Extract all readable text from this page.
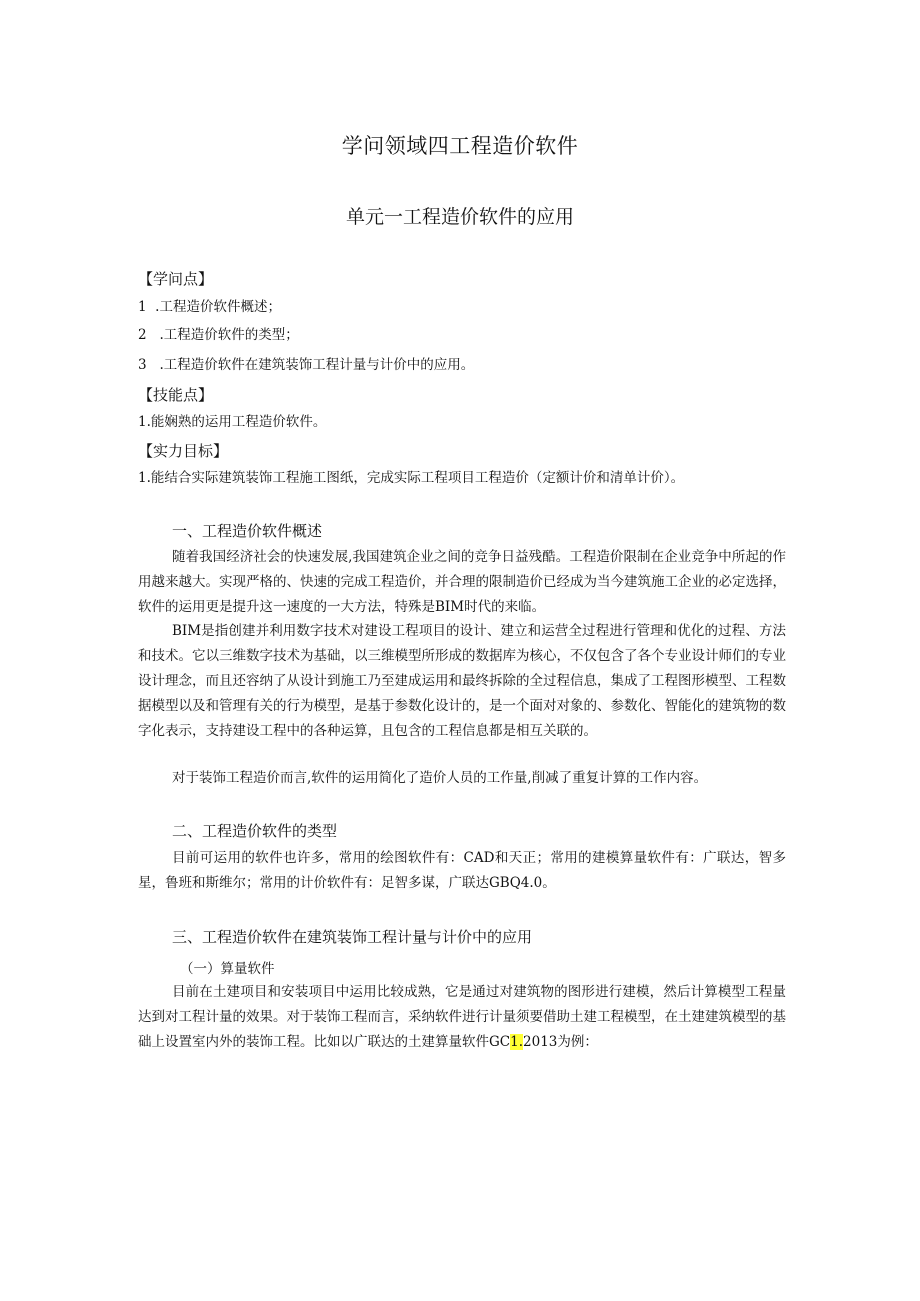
学问领域四工程造价软件
单元一工程造价软件的应用
【学问点】
1  .工程造价软件概述；
2   .工程造价软件的类型；
3   .工程造价软件在建筑装饰工程计量与计价中的应用。
【技能点】
1.能娴熟的运用工程造价软件。
【实力目标】
1.能结合实际建筑装饰工程施工图纸，完成实际工程项目工程造价（定额计价和清单计价）。
一、工程造价软件概述

随着我国经济社会的快速发展,我国建筑企业之间的竞争日益残酷。工程造价限制在企业竞争中所起的作用越来越大。实现严格的、快速的完成工程造价，并合理的限制造价已经成为当今建筑施工企业的必定选择，软件的运用更是提升这一速度的一大方法，特殊是BIM时代的来临。

BIM是指创建并利用数字技术对建设工程项目的设计、建立和运营全过程进行管理和优化的过程、方法和技术。它以三维数字技术为基础，以三维模型所形成的数据库为核心，不仅包含了各个专业设计师们的专业设计理念，而且还容纳了从设计到施工乃至建成运用和最终拆除的全过程信息，集成了工程图形模型、工程数据模型以及和管理有关的行为模型，是基于参数化设计的，是一个面对对象的、参数化、智能化的建筑物的数字化表示，支持建设工程中的各种运算，且包含的工程信息都是相互关联的。

对于装饰工程造价而言,软件的运用简化了造价人员的工作量,削减了重复计算的工作内容。

二、工程造价软件的类型

目前可运用的软件也许多，常用的绘图软件有：CAD和天正；常用的建模算量软件有：广联达，智多星，鲁班和斯维尔；常用的计价软件有：足智多谋，广联达GBQ4.0。

三、工程造价软件在建筑装饰工程计量与计价中的应用
（一）算量软件

目前在土建项目和安装项目中运用比较成熟，它是通过对建筑物的图形进行建模，然后计算模型工程量达到对工程计量的效果。对于装饰工程而言，采纳软件进行计量须要借助土建工程模型，在土建建筑模型的基础上设置室内外的装饰工程。比如以广联达的土建算量软件GC1.2013为例：
